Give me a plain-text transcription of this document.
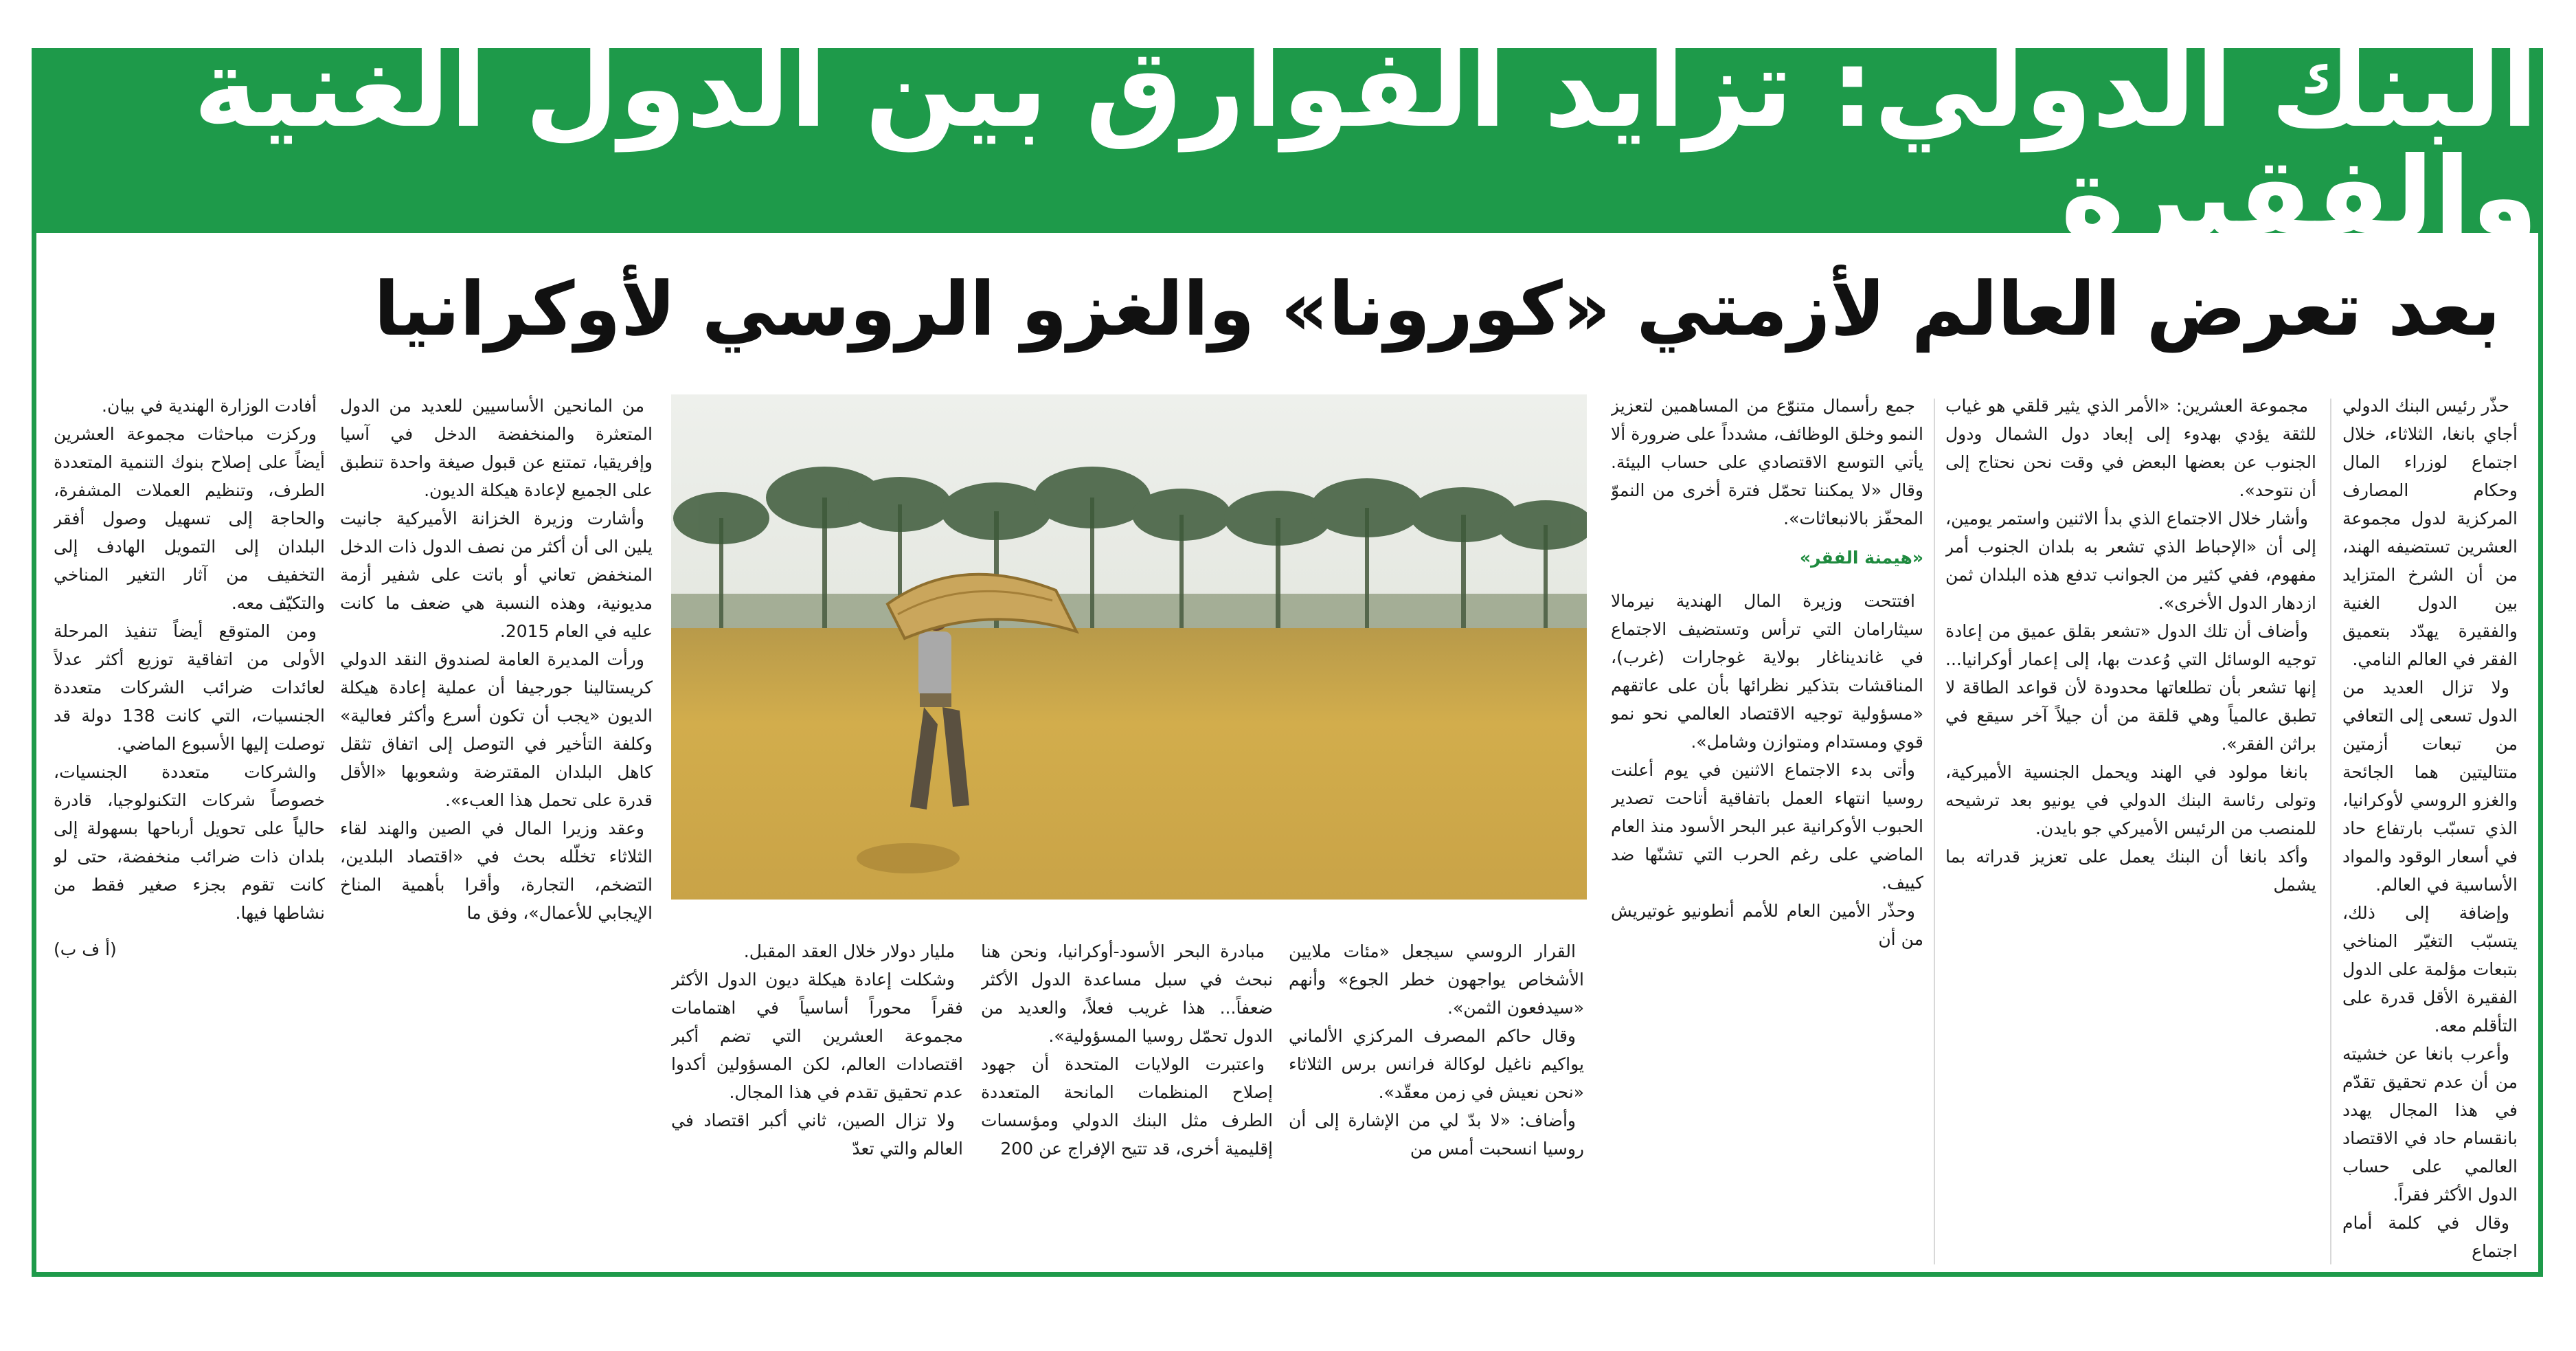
البنك الدولي: تزايد الفوارق بين الدول الغنية والفقيرة
بعد تعرض العالم لأزمتي «كورونا» والغزو الروسي لأوكرانيا

حذّر رئيس البنك الدولي أجاي بانغا، الثلاثاء، خلال اجتماع لوزراء المال وحكام المصارف المركزية لدول مجموعة العشرين تستضيفه الهند، من أن الشرخ المتزايد بين الدول الغنية والفقيرة يهدّد بتعميق الفقر في العالم النامي.

ولا تزال العديد من الدول تسعى إلى التعافي من تبعات أزمتين متتاليتين هما الجائحة والغزو الروسي لأوكرانيا، الذي تسبّب بارتفاع حاد في أسعار الوقود والمواد الأساسية في العالم.

وإضافة إلى ذلك، يتسبّب التغيّر المناخي بتبعات مؤلمة على الدول الفقيرة الأقل قدرة على التأقلم معه.

وأعرب بانغا عن خشيته من أن عدم تحقيق تقدّم في هذا المجال يهدد بانقسام حاد في الاقتصاد العالمي على حساب الدول الأكثر فقراً.

وقال في كلمة أمام اجتماع

مجموعة العشرين: «الأمر الذي يثير قلقي هو غياب للثقة يؤدي بهدوء إلى إبعاد دول الشمال ودول الجنوب عن بعضها البعض في وقت نحن نحتاج إلى أن نتوحد».

وأشار خلال الاجتماع الذي بدأ الاثنين واستمر يومين، إلى أن «الإحباط الذي تشعر به بلدان الجنوب أمر مفهوم، ففي كثير من الجوانب تدفع هذه البلدان ثمن ازدهار الدول الأخرى».

وأضاف أن تلك الدول «تشعر بقلق عميق من إعادة توجيه الوسائل التي وُعدت بها، إلى إعمار أوكرانيا... إنها تشعر بأن تطلعاتها محدودة لأن قواعد الطاقة لا تطبق عالمياً وهي قلقة من أن جيلاً آخر سيقع في براثن الفقر».

بانغا مولود في الهند ويحمل الجنسية الأميركية، وتولى رئاسة البنك الدولي في يونيو بعد ترشيحه للمنصب من الرئيس الأميركي جو بايدن.

وأكد بانغا أن البنك يعمل على تعزيز قدراته بما يشمل

جمع رأسمال متنوّع من المساهمين لتعزيز النمو وخلق الوظائف، مشدداً على ضرورة ألا يأتي التوسع الاقتصادي على حساب البيئة. وقال «لا يمكننا تحمّل فترة أخرى من النموّ المحفّز بالانبعاثات».

«هيمنة الفقر»

افتتحت وزيرة المال الهندية نيرمالا سيثارامان التي ترأس وتستضيف الاجتماع في غانديناغار بولاية غوجارات (غرب)، المناقشات بتذكير نظرائها بأن على عاتقهم «مسؤولية توجيه الاقتصاد العالمي نحو نمو قوي ومستدام ومتوازن وشامل».

وأتى بدء الاجتماع الاثنين في يوم أعلنت روسيا انتهاء العمل باتفاقية أتاحت تصدير الحبوب الأوكرانية عبر البحر الأسود منذ العام الماضي على رغم الحرب التي تشنّها ضد كييف.

وحذّر الأمين العام للأمم أنطونيو غوتيريش من أن

القرار الروسي سيجعل «مئات ملايين الأشخاص يواجهون خطر الجوع» وأنهم «سيدفعون الثمن».

وقال حاكم المصرف المركزي الألماني يواكيم ناغيل لوكالة فرانس برس الثلاثاء «نحن نعيش في زمن معقّد».

وأضاف: «لا بدّ لي من الإشارة إلى أن روسيا انسحبت أمس من

مبادرة البحر الأسود-أوكرانيا، ونحن هنا نبحث في سبل مساعدة الدول الأكثر ضعفاً... هذا غريب فعلاً، والعديد من الدول تحمّل روسيا المسؤولية».

واعتبرت الولايات المتحدة أن جهود إصلاح المنظمات المانحة المتعددة الطرف مثل البنك الدولي ومؤسسات إقليمية أخرى، قد تتيح الإفراج عن 200

مليار دولار خلال العقد المقبل.

وشكلت إعادة هيكلة ديون الدول الأكثر فقراً محوراً أساسياً في اهتمامات مجموعة العشرين التي تضم أكبر اقتصادات العالم، لكن المسؤولين أكدوا عدم تحقيق تقدم في هذا المجال.

ولا تزال الصين، ثاني أكبر اقتصاد في العالم والتي تعدّ

من المانحين الأساسيين للعديد من الدول المتعثرة والمنخفضة الدخل في آسيا وإفريقيا، تمتنع عن قبول صيغة واحدة تنطبق على الجميع لإعادة هيكلة الديون.

وأشارت وزيرة الخزانة الأميركية جانيت يلين الى أن أكثر من نصف الدول ذات الدخل المنخفض تعاني أو باتت على شفير أزمة مديونية، وهذه النسبة هي ضعف ما كانت عليه في العام 2015.

ورأت المديرة العامة لصندوق النقد الدولي كريستالينا جورجيفا أن عملية إعادة هيكلة الديون «يجب أن تكون أسرع وأكثر فعالية» وكلفة التأخير في التوصل إلى اتفاق تثقل كاهل البلدان المقترضة وشعوبها «الأقل قدرة على تحمل هذا العبء».

وعقد وزيرا المال في الصين والهند لقاء الثلاثاء تخلّله بحث في «اقتصاد البلدين، التضخم، التجارة، وأقرا بأهمية المناخ الإيجابي للأعمال»، وفق ما

أفادت الوزارة الهندية في بيان.

وركزت مباحثات مجموعة العشرين أيضاً على إصلاح بنوك التنمية المتعددة الطرف، وتنظيم العملات المشفرة، والحاجة إلى تسهيل وصول أفقر البلدان إلى التمويل الهادف إلى التخفيف من آثار التغير المناخي والتكيّف معه.

ومن المتوقع أيضاً تنفيذ المرحلة الأولى من اتفاقية توزيع أكثر عدلاً لعائدات ضرائب الشركات متعددة الجنسيات، التي كانت 138 دولة قد توصلت إليها الأسبوع الماضي.

والشركات متعددة الجنسيات، خصوصاً شركات التكنولوجيا، قادرة حالياً على تحويل أرباحها بسهولة إلى بلدان ذات ضرائب منخفضة، حتى لو كانت تقوم بجزء صغير فقط من نشاطها فيها.

(أ ف ب)
